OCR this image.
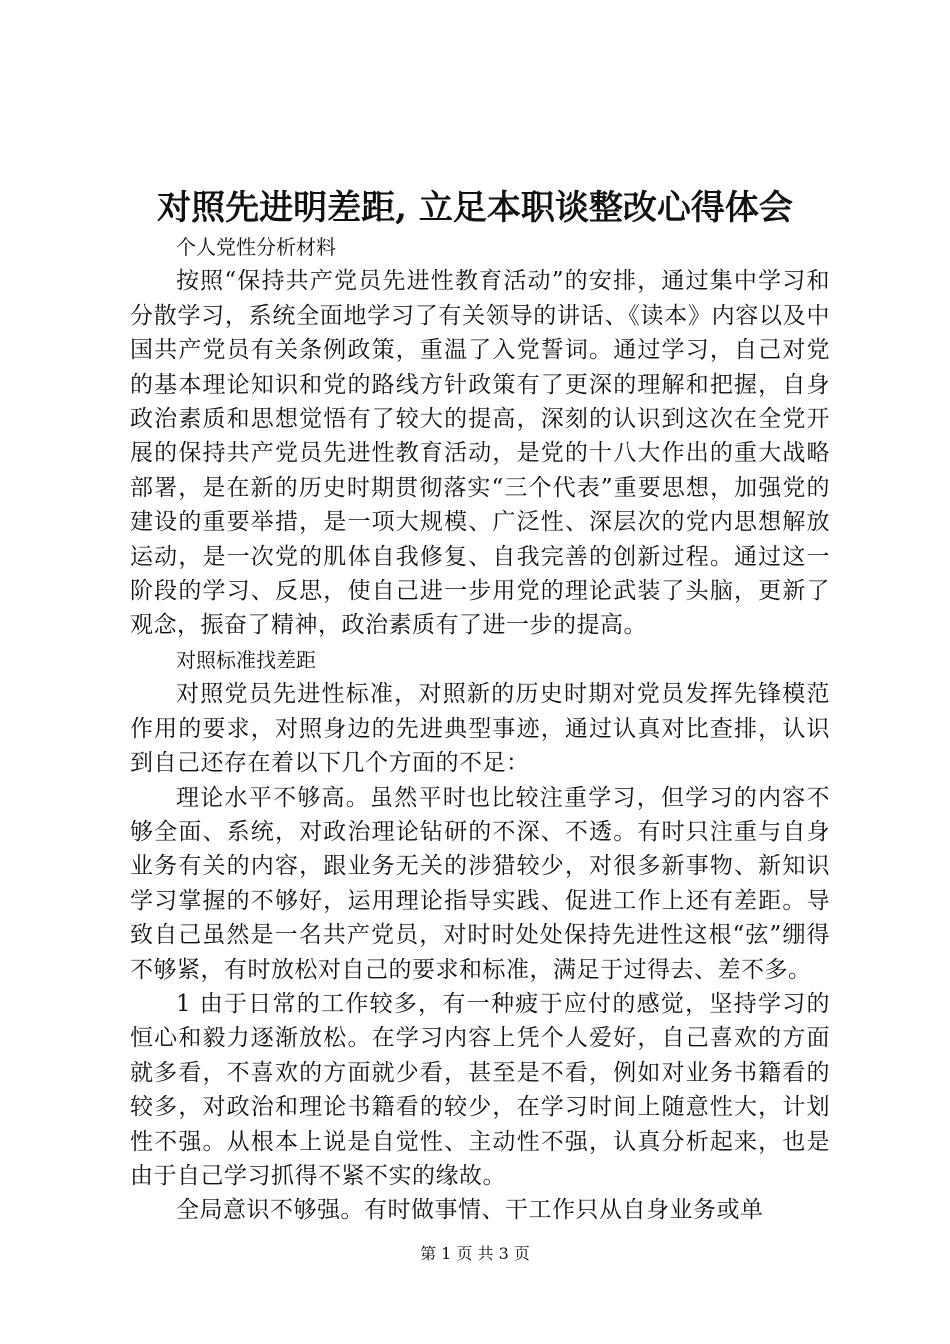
对照先进明差距, 立足本职谈整改心得体会

个人党性分析材料

按照“保持共产党员先进性教育活动”的安排，通过集中学习和分散学习，系统全面地学习了有关领导的讲话、《读本》内容以及中国共产党员有关条例政策，重温了入党誓词。通过学习，自己对党的基本理论知识和党的路线方针政策有了更深的理解和把握，自身政治素质和思想觉悟有了较大的提高，深刻的认识到这次在全党开展的保持共产党员先进性教育活动，是党的十八大作出的重大战略部署，是在新的历史时期贯彻落实“三个代表”重要思想，加强党的建设的重要举措，是一项大规模、广泛性、深层次的党内思想解放运动，是一次党的肌体自我修复、自我完善的创新过程。通过这一阶段的学习、反思，使自己进一步用党的理论武装了头脑，更新了观念，振奋了精神，政治素质有了进一步的提高。

对照标准找差距

对照党员先进性标准，对照新的历史时期对党员发挥先锋模范作用的要求，对照身边的先进典型事迹，通过认真对比查排，认识到自己还存在着以下几个方面的不足：

理论水平不够高。虽然平时也比较注重学习，但学习的内容不够全面、系统，对政治理论钻研的不深、不透。有时只注重与自身业务有关的内容，跟业务无关的涉猎较少，对很多新事物、新知识学习掌握的不够好，运用理论指导实践、促进工作上还有差距。导致自己虽然是一名共产党员，对时时处处保持先进性这根“弦”绷得不够紧，有时放松对自己的要求和标准，满足于过得去、差不多。

1 由于日常的工作较多，有一种疲于应付的感觉，坚持学习的恒心和毅力逐渐放松。在学习内容上凭个人爱好，自己喜欢的方面就多看，不喜欢的方面就少看，甚至是不看，例如对业务书籍看的较多，对政治和理论书籍看的较少，在学习时间上随意性大，计划性不强。从根本上说是自觉性、主动性不强，认真分析起来，也是由于自己学习抓得不紧不实的缘故。

全局意识不够强。有时做事情、干工作只从自身业务或单

第 1 页 共 3 页
